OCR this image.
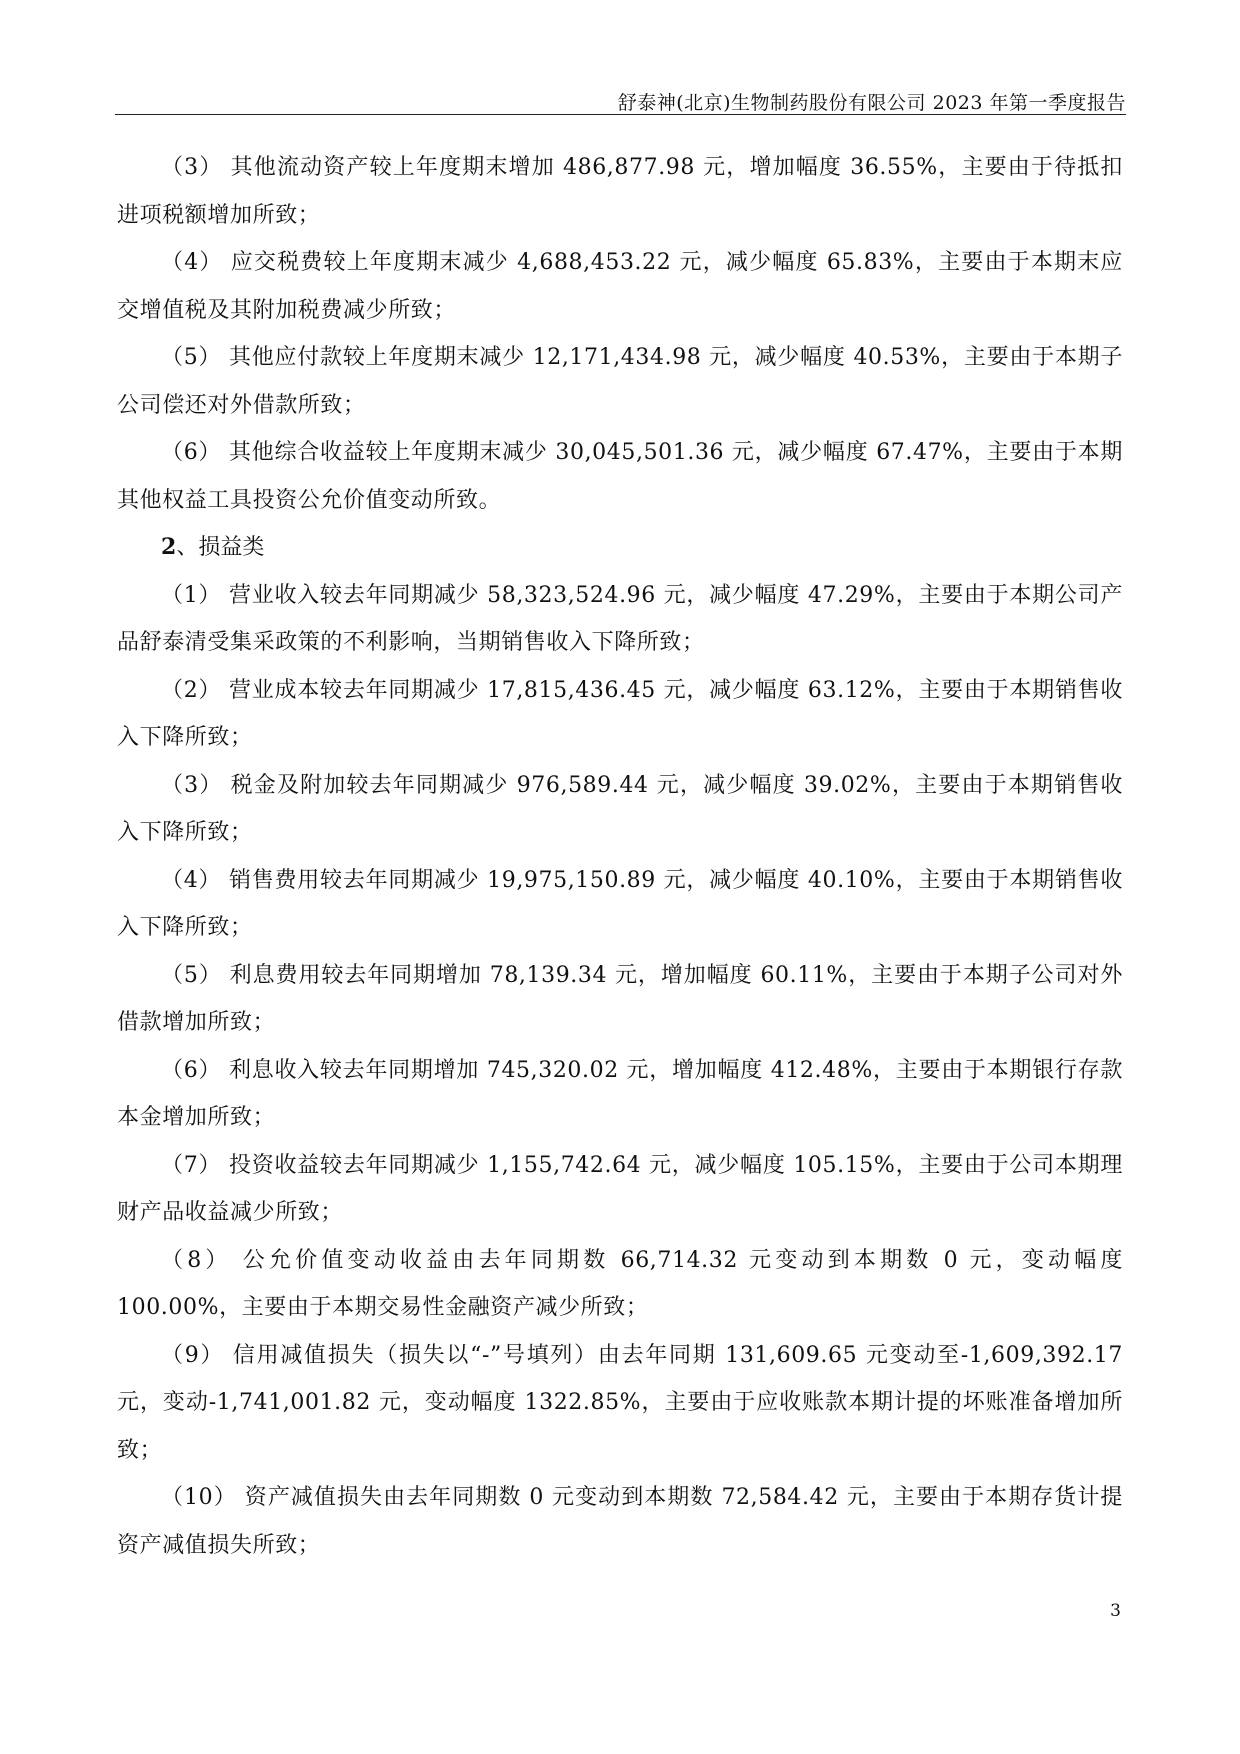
舒泰神(北京)生物制药股份有限公司 2023 年第一季度报告

（3） 其他流动资产较上年度期末增加 486,877.98 元，增加幅度 36.55%，主要由于待抵扣进项税额增加所致；

（4） 应交税费较上年度期末减少 4,688,453.22 元，减少幅度 65.83%，主要由于本期末应交增值税及其附加税费减少所致；

（5） 其他应付款较上年度期末减少 12,171,434.98 元，减少幅度 40.53%，主要由于本期子公司偿还对外借款所致；

（6） 其他综合收益较上年度期末减少 30,045,501.36 元，减少幅度 67.47%，主要由于本期其他权益工具投资公允价值变动所致。

2、损益类

（1） 营业收入较去年同期减少 58,323,524.96 元，减少幅度 47.29%，主要由于本期公司产品舒泰清受集采政策的不利影响，当期销售收入下降所致；

（2） 营业成本较去年同期减少 17,815,436.45 元，减少幅度 63.12%，主要由于本期销售收入下降所致；

（3） 税金及附加较去年同期减少 976,589.44 元，减少幅度 39.02%，主要由于本期销售收入下降所致；

（4） 销售费用较去年同期减少 19,975,150.89 元，减少幅度 40.10%，主要由于本期销售收入下降所致；

（5） 利息费用较去年同期增加 78,139.34 元，增加幅度 60.11%，主要由于本期子公司对外借款增加所致；

（6） 利息收入较去年同期增加 745,320.02 元，增加幅度 412.48%，主要由于本期银行存款本金增加所致；

（7） 投资收益较去年同期减少 1,155,742.64 元，减少幅度 105.15%，主要由于公司本期理财产品收益减少所致；

（8） 公允价值变动收益由去年同期数 66,714.32 元变动到本期数 0 元，变动幅度 100.00%，主要由于本期交易性金融资产减少所致；

（9） 信用减值损失（损失以“-”号填列）由去年同期 131,609.65 元变动至-1,609,392.17 元，变动-1,741,001.82 元，变动幅度 1322.85%，主要由于应收账款本期计提的坏账准备增加所致；

（10） 资产减值损失由去年同期数 0 元变动到本期数 72,584.42 元，主要由于本期存货计提资产减值损失所致；

3
